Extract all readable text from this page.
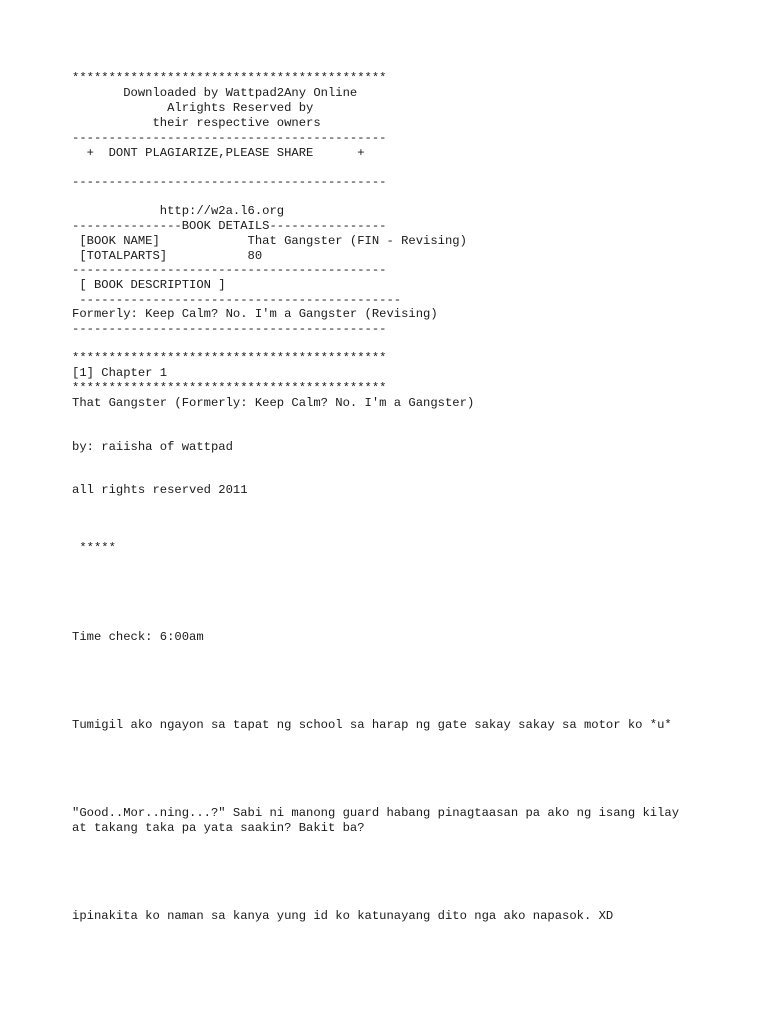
*******************************************

Downloaded by Wattpad2Any Online

Alrights Reserved by

their respective owners

-------------------------------------------

+  DONT PLAGIARIZE,PLEASE SHARE      +

-------------------------------------------

http://w2a.l6.org

---------------BOOK DETAILS----------------

[BOOK NAME]            That Gangster (FIN - Revising)

[TOTALPARTS]           80

-------------------------------------------

[ BOOK DESCRIPTION ]

--------------------------------------------

Formerly: Keep Calm? No. I'm a Gangster (Revising)

-------------------------------------------

*******************************************

[1] Chapter 1

*******************************************

That Gangster (Formerly: Keep Calm? No. I'm a Gangster)

by: raiisha of wattpad

all rights reserved 2011

*****

Time check: 6:00am

Tumigil ako ngayon sa tapat ng school sa harap ng gate sakay sakay sa motor ko *u*

"Good..Mor..ning...?" Sabi ni manong guard habang pinagtaasan pa ako ng isang kilay

at takang taka pa yata saakin? Bakit ba?

ipinakita ko naman sa kanya yung id ko katunayang dito nga ako napasok. XD
